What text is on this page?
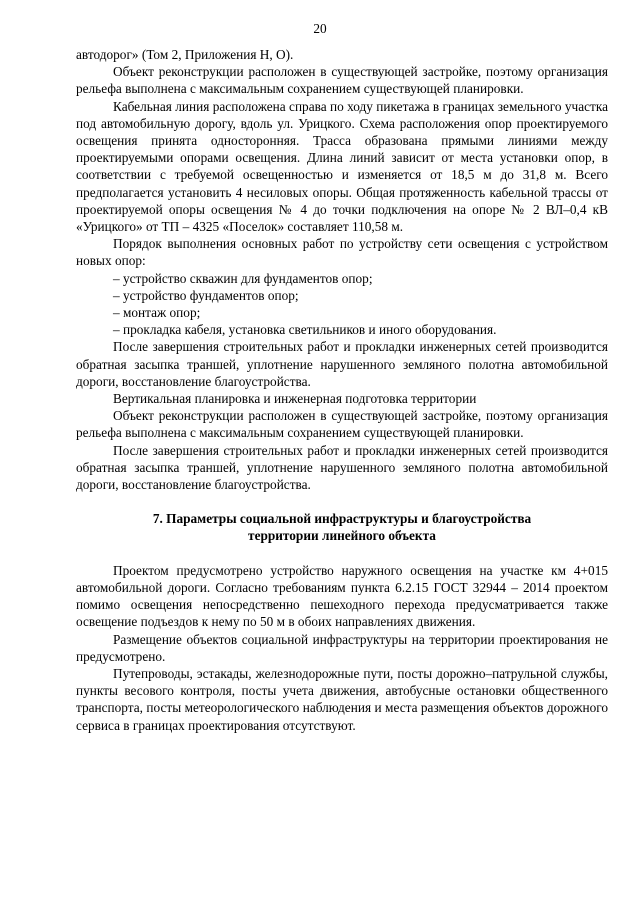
20

автодорог» (Том 2, Приложения Н, О).

Объект реконструкции расположен в существующей застройке, поэтому организация рельефа выполнена с максимальным сохранением существующей планировки.

Кабельная линия расположена справа по ходу пикетажа в границах земельного участка под автомобильную дорогу, вдоль ул. Урицкого. Схема расположения опор проектируемого освещения принята односторонняя. Трасса образована прямыми линиями между проектируемыми опорами освещения. Длина линий зависит от места установки опор, в соответствии с требуемой освещенностью и изменяется от 18,5 м до 31,8 м. Всего предполагается установить 4 несиловых опоры. Общая протяженность кабельной трассы от проектируемой опоры освещения № 4 до точки подключения на опоре № 2 ВЛ–0,4 кВ «Урицкого» от ТП – 4325 «Поселок» составляет 110,58 м.

Порядок выполнения основных работ по устройству сети освещения с устройством новых опор:

– устройство скважин для фундаментов опор;

– устройство фундаментов опор;

– монтаж опор;

– прокладка кабеля, установка светильников и иного оборудования.

После завершения строительных работ и прокладки инженерных сетей производится обратная засыпка траншей, уплотнение нарушенного земляного полотна автомобильной дороги, восстановление благоустройства.

Вертикальная планировка и инженерная подготовка территории

Объект реконструкции расположен в существующей застройке, поэтому организация рельефа выполнена с максимальным сохранением существующей планировки.

После завершения строительных работ и прокладки инженерных сетей производится обратная засыпка траншей, уплотнение нарушенного земляного полотна автомобильной дороги, восстановление благоустройства.

7. Параметры социальной инфраструктуры и благоустройства

территории линейного объекта

Проектом предусмотрено устройство наружного освещения на участке км 4+015 автомобильной дороги. Согласно требованиям пункта 6.2.15 ГОСТ 32944 – 2014 проектом помимо освещения непосредственно пешеходного перехода предусматривается также освещение подъездов к нему по 50 м в обоих направлениях движения.

Размещение объектов социальной инфраструктуры на территории проектирования не предусмотрено.

Путепроводы, эстакады, железнодорожные пути, посты дорожно–патрульной службы, пункты весового контроля, посты учета движения, автобусные остановки общественного транспорта, посты метеорологического наблюдения и места размещения объектов дорожного сервиса в границах проектирования отсутствуют.
